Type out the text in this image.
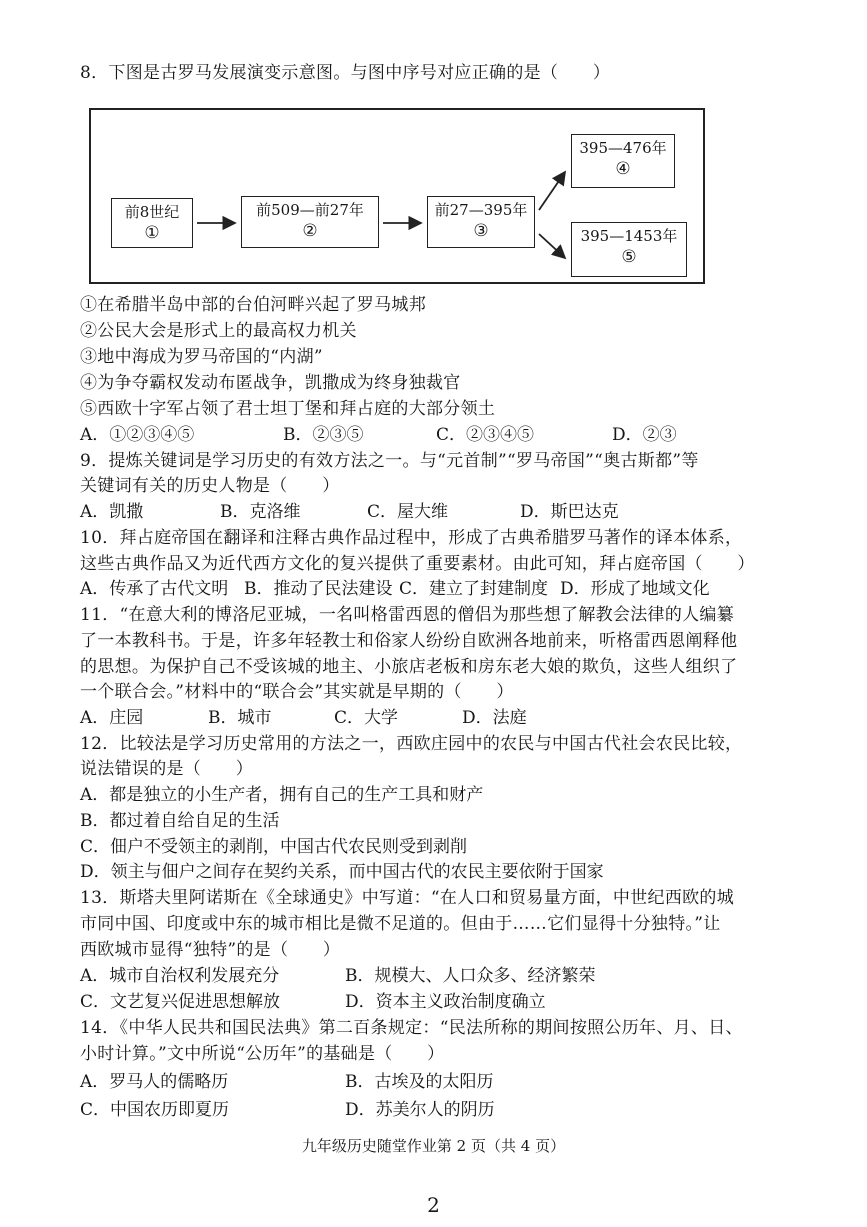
8．下图是古罗马发展演变示意图。与图中序号对应正确的是（　　）
前8世纪
①
前509—前27年
②
前27—395年
③
395—476年
④
395—1453年
⑤
①在希腊半岛中部的台伯河畔兴起了罗马城邦
②公民大会是形式上的最高权力机关
③地中海成为罗马帝国的“内湖”
④为争夺霸权发动布匿战争，凯撒成为终身独裁官
⑤西欧十字军占领了君士坦丁堡和拜占庭的大部分领土
A．①②③④⑤	B．②③⑤	C．②③④⑤	D．②③
9．提炼关键词是学习历史的有效方法之一。与“元首制”“罗马帝国”“奥古斯都”等
关键词有关的历史人物是（　　）
A．凯撒	B．克洛维	C．屋大维	D．斯巴达克
10．拜占庭帝国在翻译和注释古典作品过程中，形成了古典希腊罗马著作的译本体系，
这些古典作品又为近代西方文化的复兴提供了重要素材。由此可知，拜占庭帝国（　　）
A．传承了古代文明 B．推动了民法建设 C．建立了封建制度 D．形成了地域文化
11．“在意大利的博洛尼亚城，一名叫格雷西恩的僧侣为那些想了解教会法律的人编纂
了一本教科书。于是，许多年轻教士和俗家人纷纷自欧洲各地前来，听格雷西恩阐释他
的思想。为保护自己不受该城的地主、小旅店老板和房东老大娘的欺负，这些人组织了
一个联合会。”材料中的“联合会”其实就是早期的（　　）
A．庄园	B．城市	C．大学	D．法庭
12．比较法是学习历史常用的方法之一，西欧庄园中的农民与中国古代社会农民比较，
说法错误的是（　　）
A．都是独立的小生产者，拥有自己的生产工具和财产
B．都过着自给自足的生活
C．佃户不受领主的剥削，中国古代农民则受到剥削
D．领主与佃户之间存在契约关系，而中国古代的农民主要依附于国家
13．斯塔夫里阿诺斯在《全球通史》中写道：“在人口和贸易量方面，中世纪西欧的城
市同中国、印度或中东的城市相比是微不足道的。但由于……它们显得十分独特。”让
西欧城市显得“独特”的是（　　）
A．城市自治权利发展充分	B．规模大、人口众多、经济繁荣
C．文艺复兴促进思想解放	D．资本主义政治制度确立
14．《中华人民共和国民法典》第二百条规定：“民法所称的期间按照公历年、月、日、
小时计算。”文中所说“公历年”的基础是（　　）
A．罗马人的儒略历	B．古埃及的太阳历
C．中国农历即夏历	D．苏美尔人的阴历
九年级历史随堂作业第 2 页（共 4 页）
2
